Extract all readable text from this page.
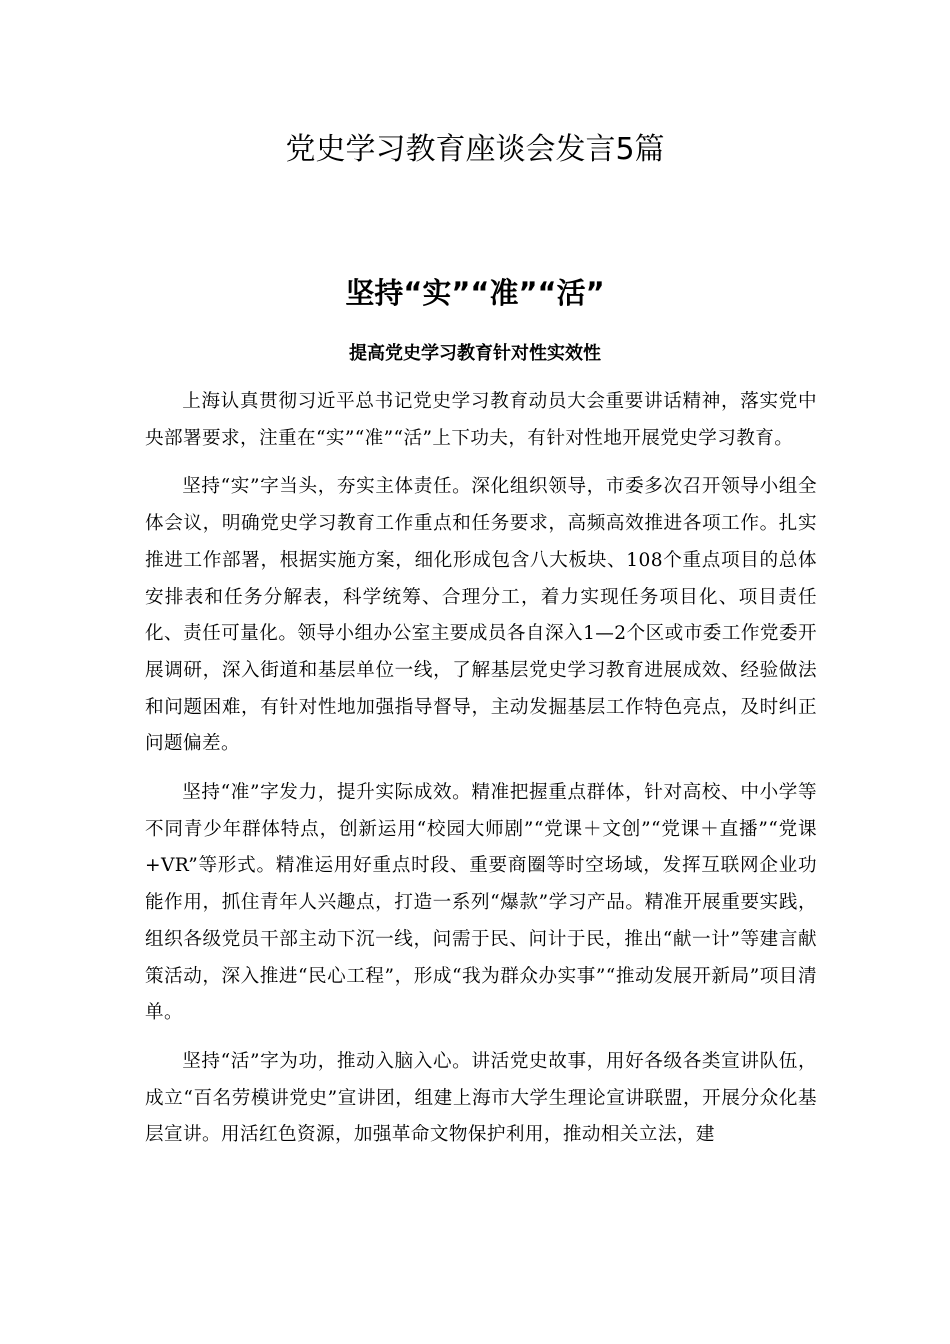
党史学习教育座谈会发言5篇
坚持“实”“准”“活”
提高党史学习教育针对性实效性

上海认真贯彻习近平总书记党史学习教育动员大会重要讲话精神，落实党中央部署要求，注重在“实”“准”“活”上下功夫，有针对性地开展党史学习教育。

坚持“实”字当头，夯实主体责任。深化组织领导，市委多次召开领导小组全体会议，明确党史学习教育工作重点和任务要求，高频高效推进各项工作。扎实推进工作部署，根据实施方案，细化形成包含八大板块、108个重点项目的总体安排表和任务分解表，科学统筹、合理分工，着力实现任务项目化、项目责任化、责任可量化。领导小组办公室主要成员各自深入1—2个区或市委工作党委开展调研，深入街道和基层单位一线，了解基层党史学习教育进展成效、经验做法和问题困难，有针对性地加强指导督导，主动发掘基层工作特色亮点，及时纠正问题偏差。

坚持“准”字发力，提升实际成效。精准把握重点群体，针对高校、中小学等不同青少年群体特点，创新运用“校园大师剧”“党课＋文创”“党课＋直播”“党课+VR”等形式。精准运用好重点时段、重要商圈等时空场域，发挥互联网企业功能作用，抓住青年人兴趣点，打造一系列“爆款”学习产品。精准开展重要实践，组织各级党员干部主动下沉一线，问需于民、问计于民，推出“献一计”等建言献策活动，深入推进“民心工程”，形成“我为群众办实事”“推动发展开新局”项目清单。

坚持“活”字为功，推动入脑入心。讲活党史故事，用好各级各类宣讲队伍，成立“百名劳模讲党史”宣讲团，组建上海市大学生理论宣讲联盟，开展分众化基层宣讲。用活红色资源，加强革命文物保护利用，推动相关立法，建
